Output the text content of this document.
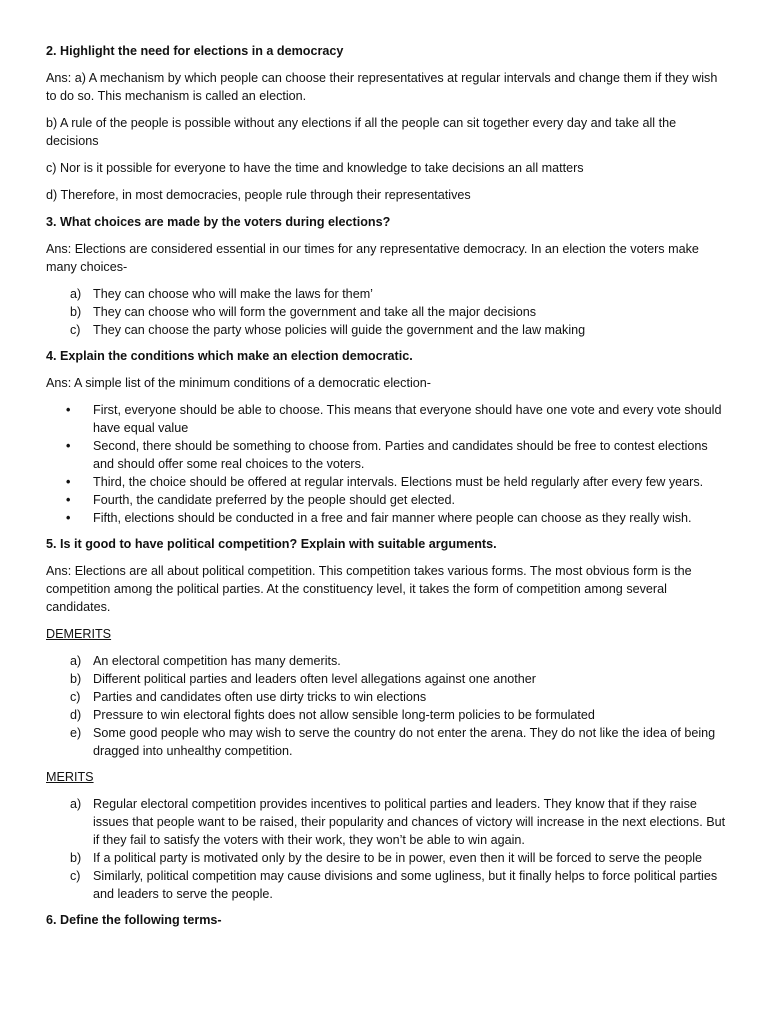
2. Highlight the need for elections in a democracy
Ans: a) A mechanism by which people can choose their representatives at regular intervals and change them if they wish to do so. This mechanism is called an election.
b) A rule of the people is possible without any elections if all the people can sit together every day and take all the decisions
c) Nor is it possible for everyone to have the time and knowledge to take decisions an all matters
d) Therefore, in most democracies, people rule through their representatives
3. What choices are made by the voters during elections?
Ans: Elections are considered essential in our times for any representative democracy. In an election the voters make many choices-
a) They can choose who will make the laws for them’
b) They can choose who will form the government and take all the major decisions
c) They can choose the party whose policies will guide the government and the law making
4. Explain the conditions which make an election democratic.
Ans: A simple list of the minimum conditions of a democratic election-
• First, everyone should be able to choose. This means that everyone should have one vote and every vote should have equal value
• Second, there should be something to choose from. Parties and candidates should be free to contest elections and should offer some real choices to the voters.
• Third, the choice should be offered at regular intervals. Elections must be held regularly after every few years.
• Fourth, the candidate preferred by the people should get elected.
• Fifth, elections should be conducted in a free and fair manner where people can choose as they really wish.
5. Is it good to have political competition? Explain with suitable arguments.
Ans: Elections are all about political competition. This competition takes various forms. The most obvious form is the competition among the political parties. At the constituency level, it takes the form of competition among several candidates.
DEMERITS
a) An electoral competition has many demerits.
b) Different political parties and leaders often level allegations against one another
c) Parties and candidates often use dirty tricks to win elections
d) Pressure to win electoral fights does not allow sensible long-term policies to be formulated
e) Some good people who may wish to serve the country do not enter the arena. They do not like the idea of being dragged into unhealthy competition.
MERITS
a) Regular electoral competition provides incentives to political parties and leaders. They know that if they raise issues that people want to be raised, their popularity and chances of victory will increase in the next elections. But if they fail to satisfy the voters with their work, they won’t be able to win again.
b) If a political party is motivated only by the desire to be in power, even then it will be forced to serve the people
c) Similarly, political competition may cause divisions and some ugliness, but it finally helps to force political parties and leaders to serve the people.
6. Define the following terms-
